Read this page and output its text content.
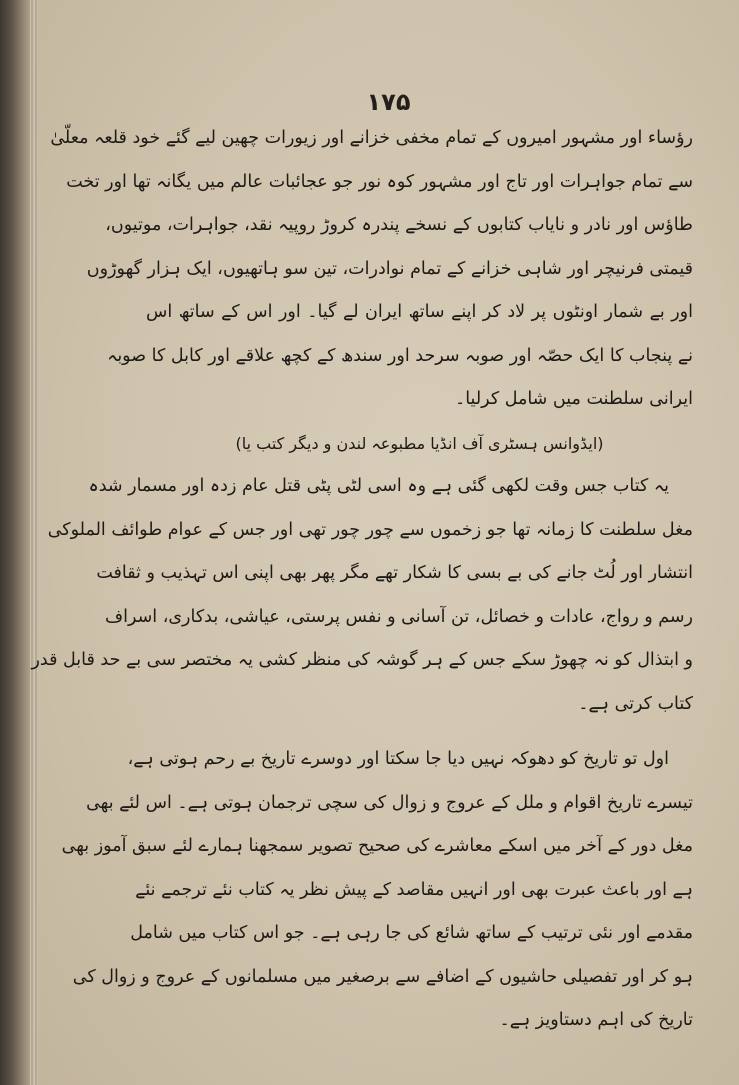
۱۷۵
رؤساء اور مشہور امیروں کے تمام مخفی خزانے اور زیورات چھین لیے گئے خود قلعہ معلّیٰ
سے تمام جواہرات اور تاج اور مشہور کوہ نور جو عجائبات عالم میں یگانہ تھا اور تخت
طاؤس اور نادر و نایاب کتابوں کے نسخے پندرہ کروڑ روپیہ نقد، جواہرات، موتیوں،
قیمتی فرنیچر اور شاہی خزانے کے تمام نوادرات، تین سو ہاتھیوں، ایک ہزار گھوڑوں
اور بے شمار اونٹوں پر لاد کر اپنے ساتھ ایران لے گیا۔ اور اس کے ساتھ اس
نے پنجاب کا ایک حصّہ اور صوبہ سرحد اور سندھ کے کچھ علاقے اور کابل کا صوبہ
ایرانی سلطنت میں شامل کرلیا۔
(ایڈوانس ہسٹری آف انڈیا مطبوعہ لندن و دیگر کتب یا)
یہ کتاب جس وقت لکھی گئی ہے وہ اسی لٹی پٹی قتل عام زدہ اور مسمار شدہ
مغل سلطنت کا زمانہ تھا جو زخموں سے چور چور تھی اور جس کے عوام طوائف الملوکی
انتشار اور لُٹ جانے کی بے بسی کا شکار تھے مگر پھر بھی اپنی اس تہذیب و ثقافت
رسم و رواج، عادات و خصائل، تن آسانی و نفس پرستی، عیاشی، بدکاری، اسراف
و ابتذال کو نہ چھوڑ سکے جس کے ہر گوشہ کی منظر کشی یہ مختصر سی بے حد قابل قدر
کتاب کرتی ہے۔
اول تو تاریخ کو دھوکہ نہیں دیا جا سکتا اور دوسرے تاریخ بے رحم ہوتی ہے،
تیسرے تاریخ اقوام و ملل کے عروج و زوال کی سچی ترجمان ہوتی ہے۔ اس لئے بھی
مغل دور کے آخر میں اسکے معاشرے کی صحیح تصویر سمجھنا ہمارے لئے سبق آموز بھی
ہے اور باعث عبرت بھی اور انہیں مقاصد کے پیش نظر یہ کتاب نئے ترجمے نئے
مقدمے اور نئی ترتیب کے ساتھ شائع کی جا رہی ہے۔ جو اس کتاب میں شامل
ہو کر اور تفصیلی حاشیوں کے اضافے سے برصغیر میں مسلمانوں کے عروج و زوال کی
تاریخ کی اہم دستاویز ہے۔
